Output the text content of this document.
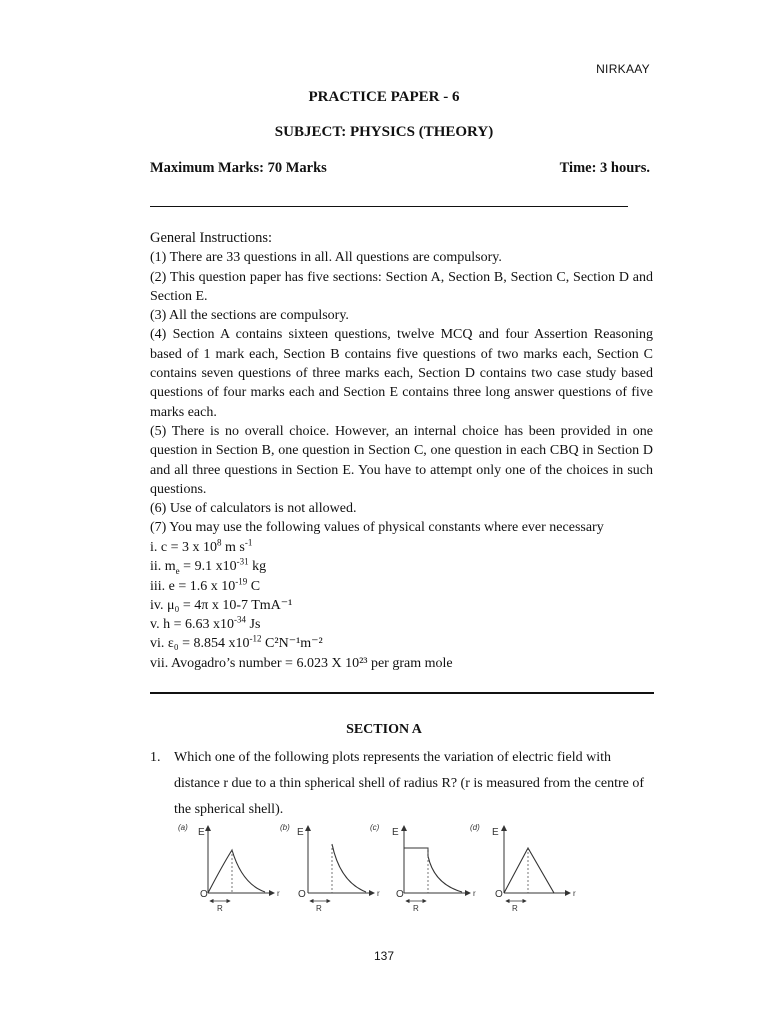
NIRKAAY
PRACTICE PAPER - 6
SUBJECT: PHYSICS (THEORY)
Maximum Marks: 70 Marks	Time: 3 hours.

General Instructions:

(1) There are 33 questions in all. All questions are compulsory.

(2) This question paper has five sections: Section A, Section B, Section C, Section D and Section E.

(3) All the sections are compulsory.

(4) Section A contains sixteen questions, twelve MCQ and four Assertion Reasoning based of 1 mark each, Section B contains five questions of two marks each, Section C contains seven questions of three marks each, Section D contains two case study based questions of four marks each and Section E contains three long answer questions of five marks each.

(5) There is no overall choice. However, an internal choice has been provided in one question in Section B, one question in Section C, one question in each CBQ in Section D and all three questions in Section E. You have to attempt only one of the choices in such questions.

(6) Use of calculators is not allowed.

(7) You may use the following values of physical constants where ever necessary

i. c = 3 x $10^8$ m $s^{-1}$

ii. $m_e = 9.1$ $x10^{-31}$ kg

iii. e = 1.6 x $10^{-19}$ C

iv. μ₀ = 4π x 10-7 TmA⁻¹

v. h = 6.63 $x10^{-34}$ Js

vi. ε₀ = 8.854 $x10^{-12}$ C²N⁻¹m⁻²

vii. Avogadro’s number = 6.023 X 10²³ per gram mole

SECTION A
1. Which one of the following plots represents the variation of electric field with distance r due to a thin spherical shell of radius R? (r is measured from the centre of the spherical shell).
(a) E
r
O
R
(b) E
r
O
R
(c) E
r
O
R
(d) E
r
O
R
137
